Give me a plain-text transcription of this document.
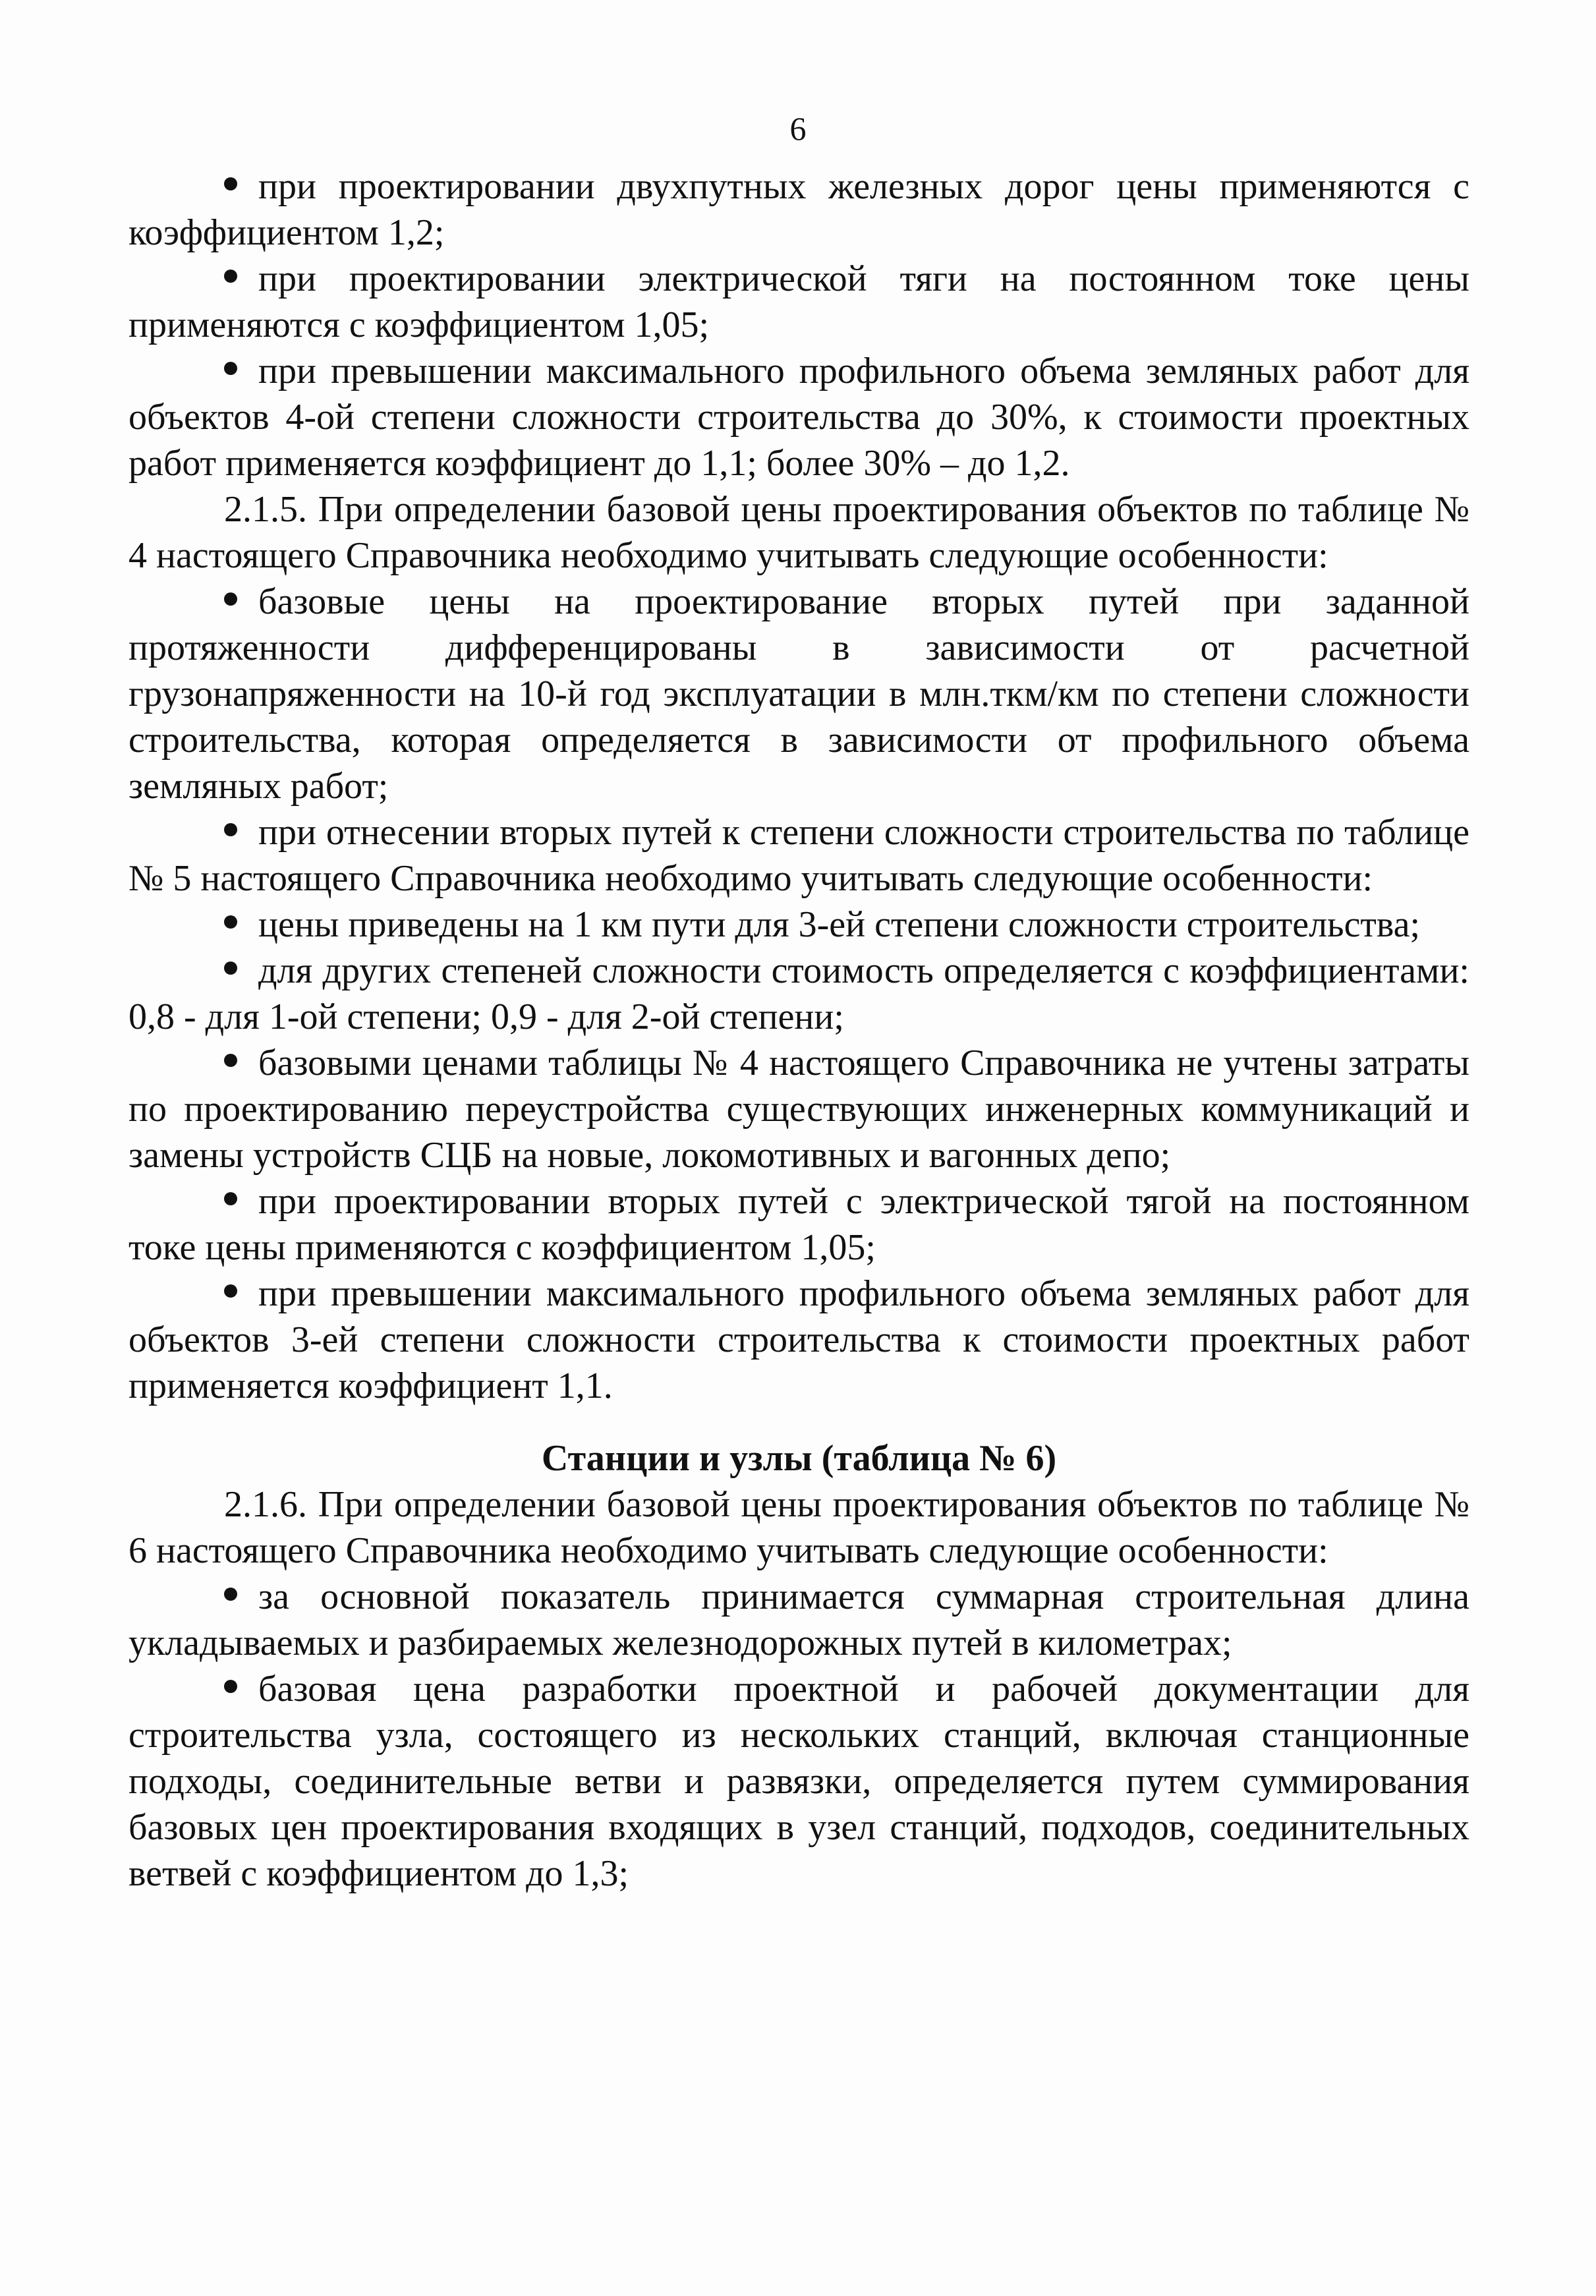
6

при проектировании двухпутных железных дорог цены применяются с коэффициентом 1,2;

при проектировании электрической тяги на постоянном токе цены применяются с коэффициентом 1,05;

при превышении максимального профильного объема земляных работ для объектов 4-ой степени сложности строительства до 30%, к стоимости проектных работ применяется коэффициент до 1,1; более 30% – до 1,2.

2.1.5. При определении базовой цены проектирования объектов по таблице № 4 настоящего Справочника необходимо учитывать следующие особенности:

базовые цены на проектирование вторых путей при заданной протяженности дифференцированы в зависимости от расчетной грузонапряженности на 10-й год эксплуатации в млн.ткм/км по степени сложности строительства, которая определяется в зависимости от профильного объема земляных работ;

при отнесении вторых путей к степени сложности строительства по таблице № 5 настоящего Справочника необходимо учитывать следующие особенности:

цены приведены на 1 км пути для 3-ей степени сложности строительства;

для других степеней сложности стоимость определяется с коэффициентами: 0,8 - для 1-ой степени; 0,9 - для 2-ой степени;

базовыми ценами таблицы № 4 настоящего Справочника не учтены затраты по проектированию переустройства существующих инженерных коммуникаций и замены устройств СЦБ на новые, локомотивных и вагонных депо;

при проектировании вторых путей с электрической тягой на постоянном токе цены применяются с коэффициентом 1,05;

при превышении максимального профильного объема земляных работ для объектов 3-ей степени сложности строительства к стоимости проектных работ применяется коэффициент 1,1.

Станции и узлы (таблица № 6)

2.1.6. При определении базовой цены проектирования объектов по таблице № 6 настоящего Справочника необходимо учитывать следующие особенности:

за основной показатель принимается суммарная строительная длина укладываемых и разбираемых железнодорожных путей в километрах;

базовая цена разработки проектной и рабочей документации для строительства узла, состоящего из нескольких станций, включая станционные подходы, соединительные ветви и развязки, определяется путем суммирования базовых цен проектирования входящих в узел станций, подходов, соединительных ветвей с коэффициентом до 1,3;
